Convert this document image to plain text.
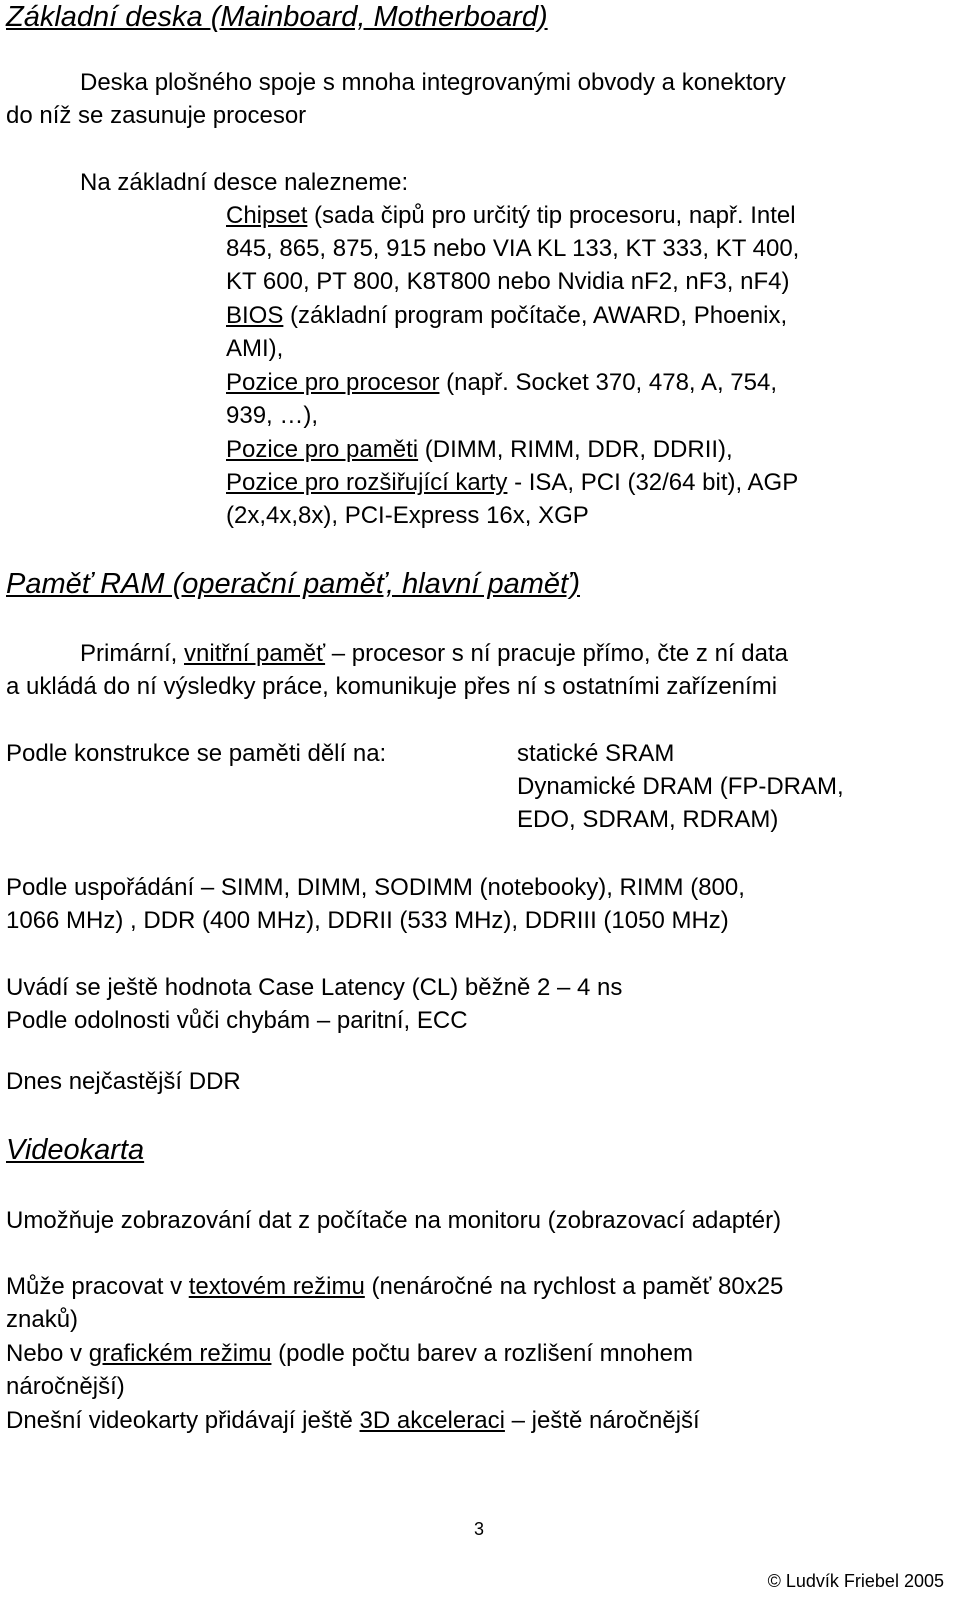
Základní deska (Mainboard, Motherboard)

Deska plošného spoje s mnoha integrovanými obvody a konektory

do níž se zasunuje procesor

Na základní desce nalezneme:

Chipset (sada čipů pro určitý tip procesoru, např. Intel

845, 865, 875, 915 nebo VIA KL 133, KT 333, KT 400,

KT 600, PT 800, K8T800 nebo Nvidia nF2, nF3, nF4)

BIOS (základní program počítače, AWARD, Phoenix,

AMI),

Pozice pro procesor (např. Socket 370, 478, A, 754,

939, …),

Pozice pro paměti (DIMM, RIMM, DDR, DDRII),

Pozice pro rozšiřující karty - ISA, PCI (32/64 bit), AGP

(2x,4x,8x), PCI-Express 16x, XGP

Paměť RAM (operační paměť, hlavní paměť)

Primární, vnitřní paměť – procesor s ní pracuje přímo, čte z ní data

a ukládá do ní výsledky práce, komunikuje přes ní s ostatními zařízeními

Podle konstrukce se paměti dělí na:	statické SRAM

Dynamické DRAM (FP-DRAM,

EDO, SDRAM, RDRAM)

Podle uspořádání – SIMM, DIMM, SODIMM (notebooky), RIMM (800,

1066 MHz) , DDR (400 MHz), DDRII (533 MHz), DDRIII (1050 MHz)

Uvádí se ještě hodnota Case Latency (CL) běžně 2 – 4 ns

Podle odolnosti vůči chybám – paritní, ECC

Dnes nejčastější DDR

Videokarta

Umožňuje zobrazování dat z počítače na monitoru (zobrazovací adaptér)

Může pracovat v textovém režimu (nenáročné na rychlost a paměť 80x25

znaků)

Nebo v grafickém režimu (podle počtu barev a rozlišení mnohem

náročnější)

Dnešní videokarty přidávají ještě 3D akceleraci – ještě náročnější

3
© Ludvík Friebel 2005
